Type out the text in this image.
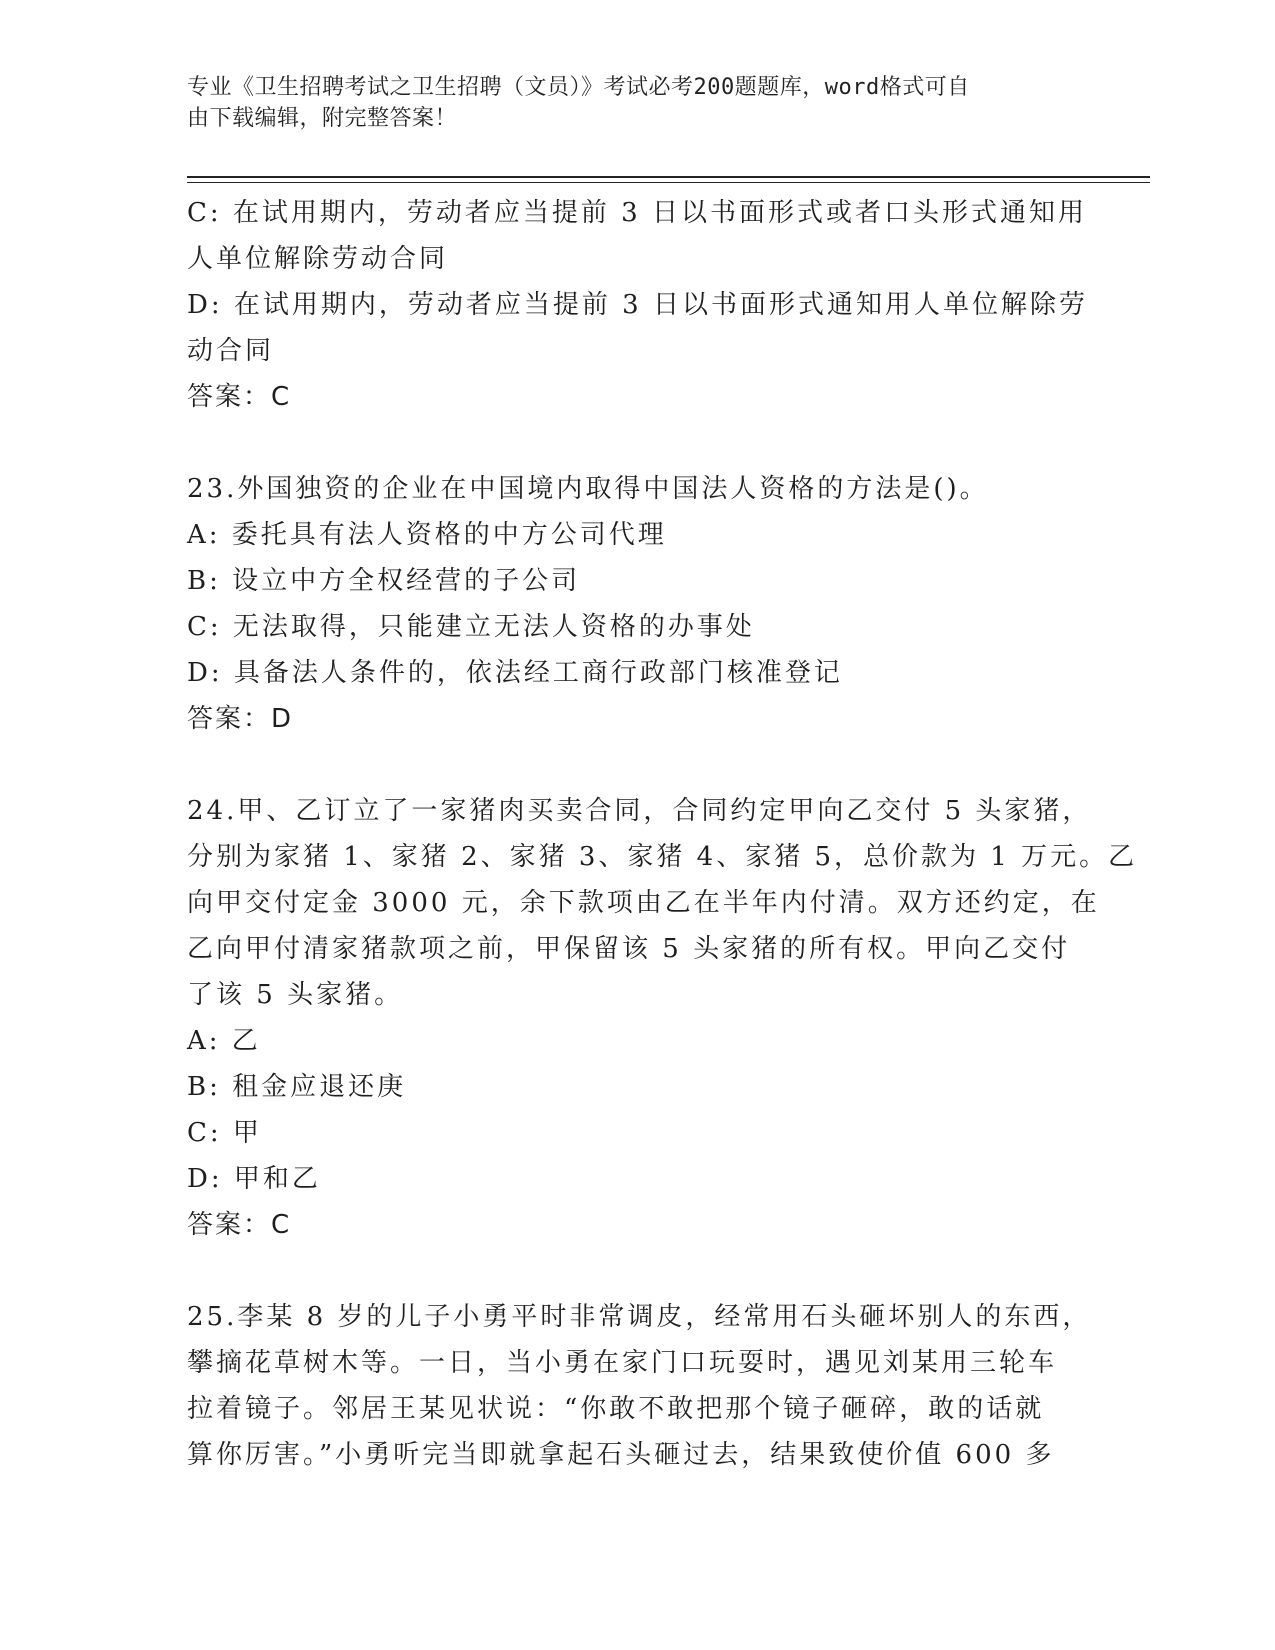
专业《卫生招聘考试之卫生招聘（文员）》考试必考200题题库，word格式可自
由下载编辑，附完整答案！
C: 在试用期内，劳动者应当提前 3 日以书面形式或者口头形式通知用
人单位解除劳动合同
D: 在试用期内，劳动者应当提前 3 日以书面形式通知用人单位解除劳
动合同
答案：C
23.外国独资的企业在中国境内取得中国法人资格的方法是()。
A: 委托具有法人资格的中方公司代理
B: 设立中方全权经营的子公司
C: 无法取得，只能建立无法人资格的办事处
D: 具备法人条件的，依法经工商行政部门核准登记
答案：D
24.甲、乙订立了一家猪肉买卖合同，合同约定甲向乙交付 5 头家猪，
分别为家猪 1、家猪 2、家猪 3、家猪 4、家猪 5，总价款为 1 万元。乙
向甲交付定金 3000 元，余下款项由乙在半年内付清。双方还约定，在
乙向甲付清家猪款项之前，甲保留该 5 头家猪的所有权。甲向乙交付
了该 5 头家猪。
A: 乙
B: 租金应退还庚
C: 甲
D: 甲和乙
答案：C
25.李某 8 岁的儿子小勇平时非常调皮，经常用石头砸坏别人的东西，
攀摘花草树木等。一日，当小勇在家门口玩耍时，遇见刘某用三轮车
拉着镜子。邻居王某见状说：“你敢不敢把那个镜子砸碎，敢的话就
算你厉害。”小勇听完当即就拿起石头砸过去，结果致使价值 600 多
